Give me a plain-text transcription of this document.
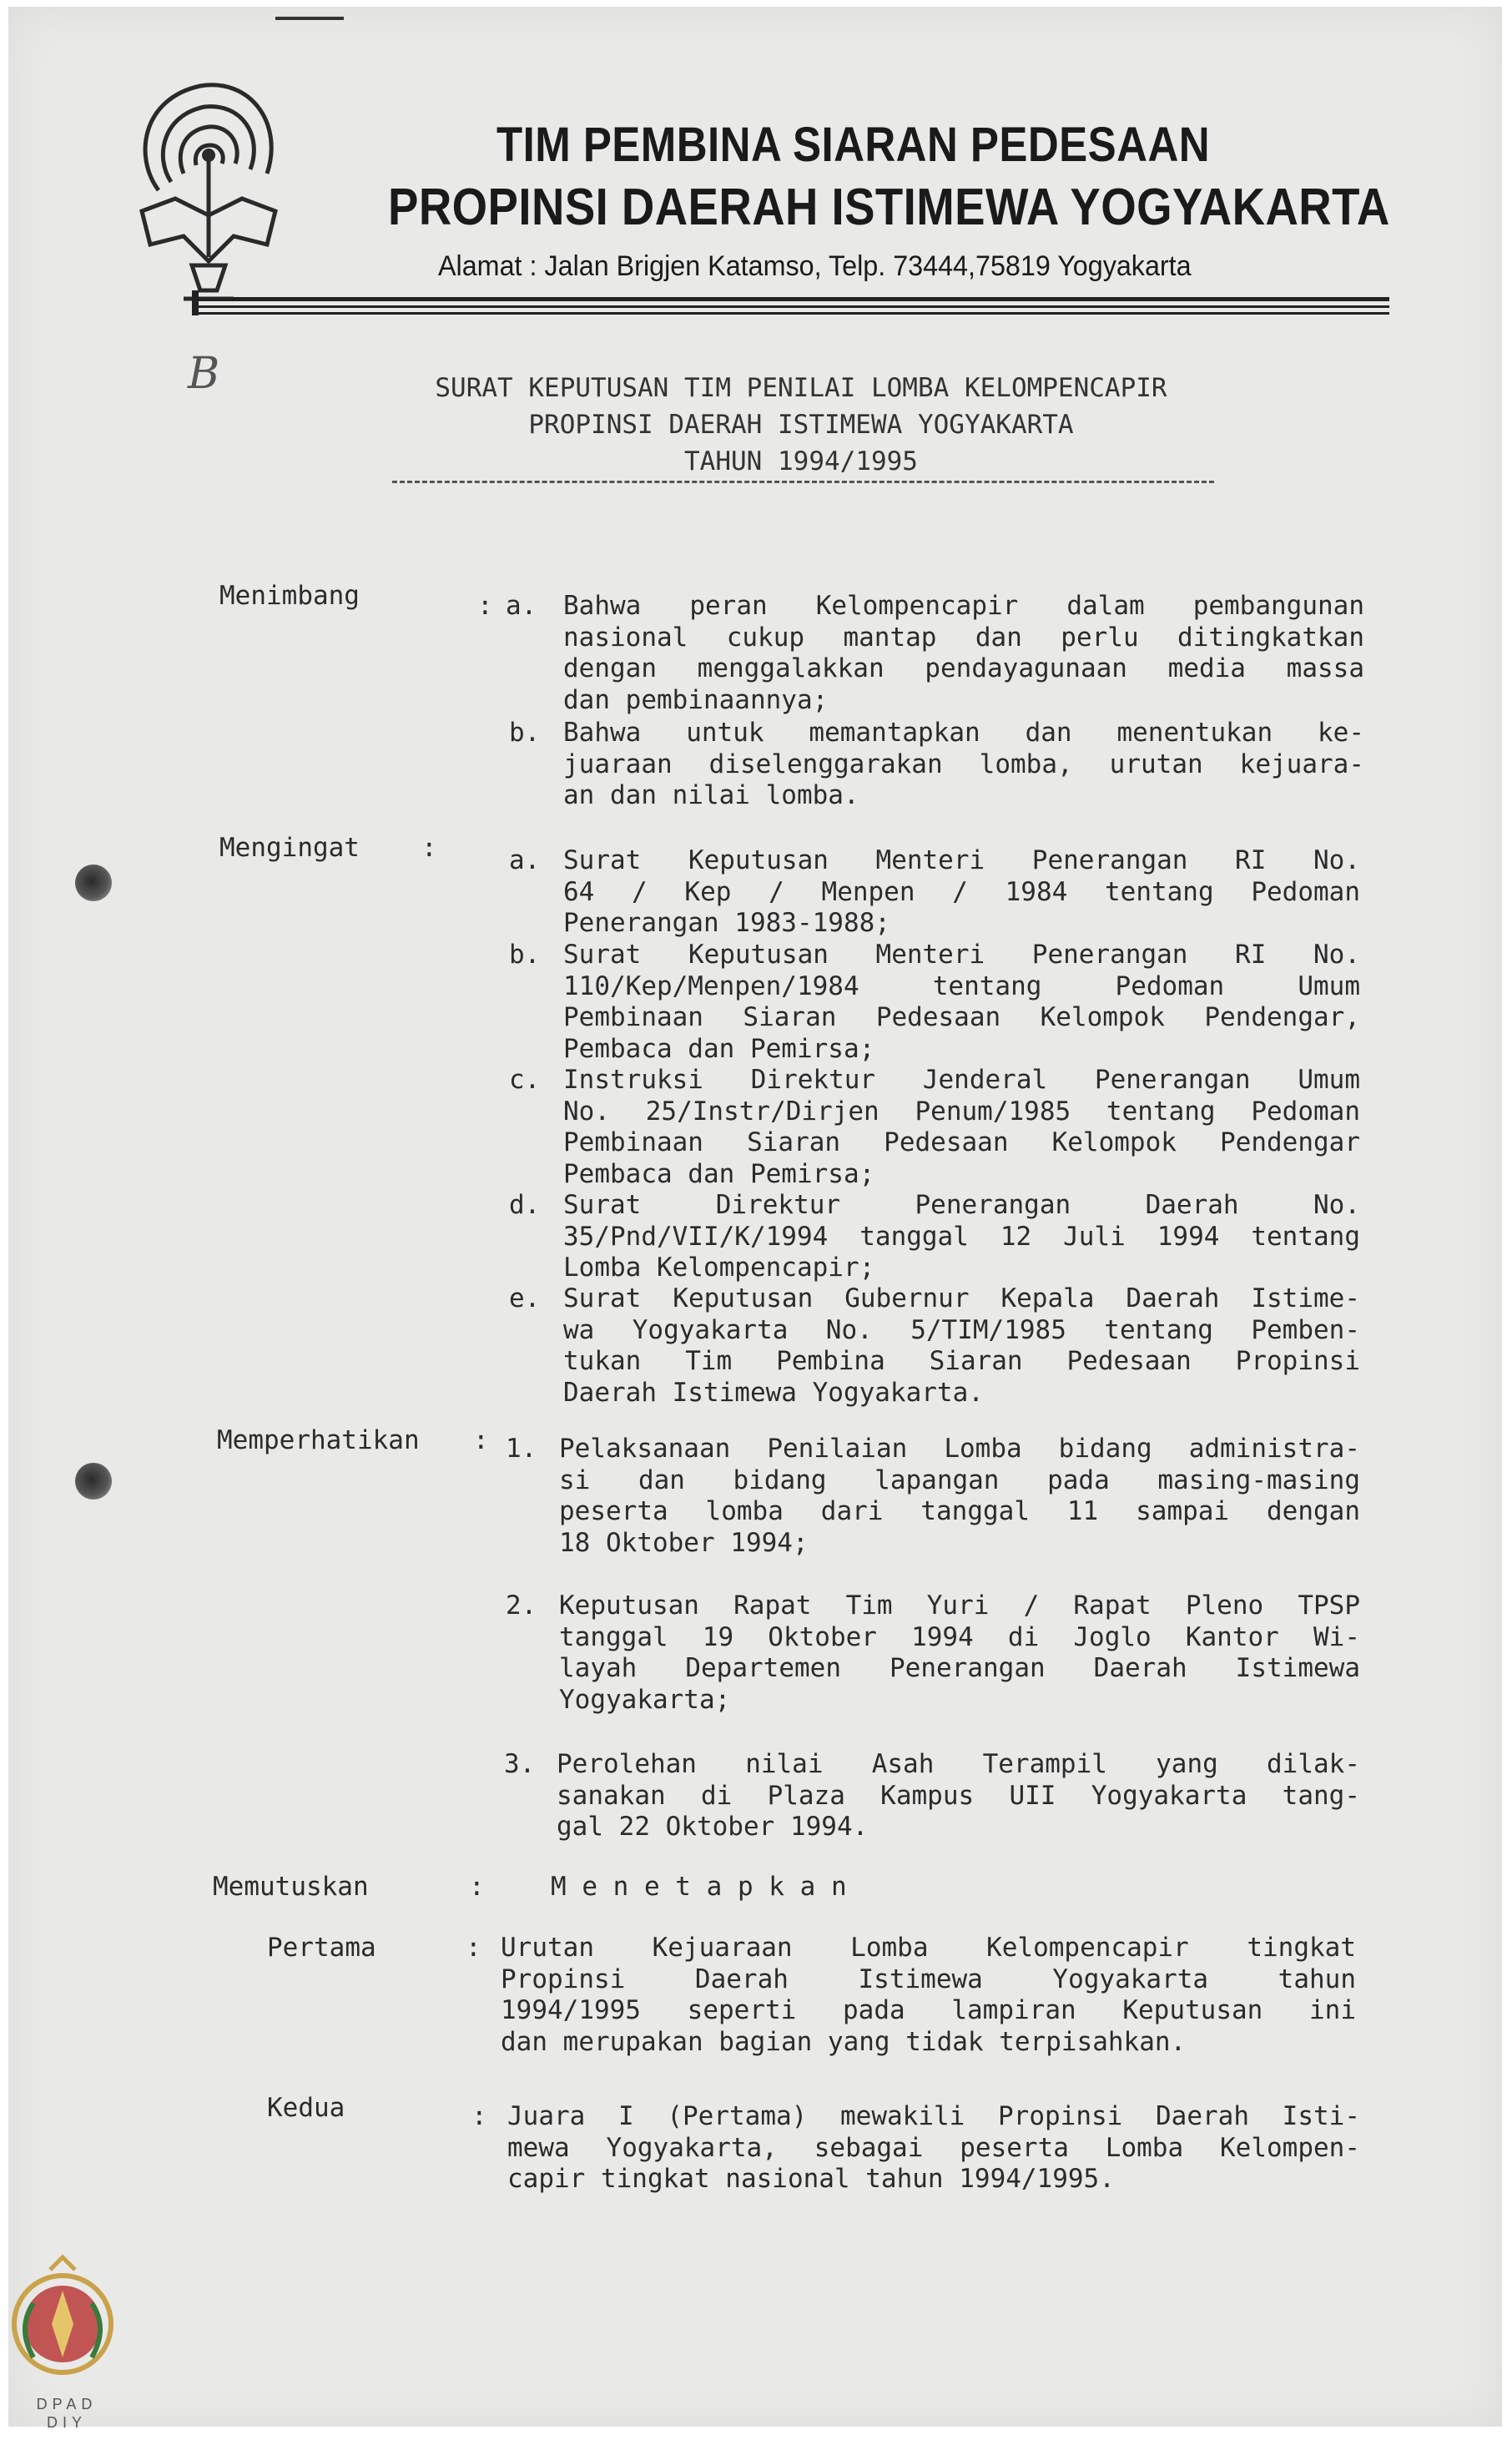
TIM PEMBINA SIARAN PEDESAAN
PROPINSI DAERAH ISTIMEWA YOGYAKARTA
Alamat : Jalan Brigjen Katamso, Telp. 73444,75819 Yogyakarta
B	SURAT KEPUTUSAN TIM PENILAI LOMBA KELOMPENCAPIR
PROPINSI DAERAH ISTIMEWA YOGYAKARTA
TAHUN 1994/1995
Menimbang	: a. Bahwa peran Kelompencapir dalam pembangunan
nasional cukup mantap dan perlu ditingkatkan
dengan menggalakkan pendayagunaan media massa
dan pembinaannya;
b. Bahwa untuk memantapkan dan menentukan ke-
juaraan diselenggarakan lomba, urutan kejuara-
an dan nilai lomba.
Mengingat :	a. Surat Keputusan Menteri Penerangan RI No.
64 / Kep / Menpen / 1984 tentang Pedoman
Penerangan 1983-1988;
b. Surat Keputusan Menteri Penerangan RI No.
110/Kep/Menpen/1984 tentang Pedoman Umum
Pembinaan Siaran Pedesaan Kelompok Pendengar,
Pembaca dan Pemirsa;
c. Instruksi Direktur Jenderal Penerangan Umum
No. 25/Instr/Dirjen Penum/1985 tentang Pedoman
Pembinaan Siaran Pedesaan Kelompok Pendengar
Pembaca dan Pemirsa;
d. Surat Direktur Penerangan Daerah No.
35/Pnd/VII/K/1994 tanggal 12 Juli 1994 tentang
Lomba Kelompencapir;
e. Surat Keputusan Gubernur Kepala Daerah Istime-
wa Yogyakarta No. 5/TIM/1985 tentang Pemben-
tukan Tim Pembina Siaran Pedesaan Propinsi
Daerah Istimewa Yogyakarta.
Memperhatikan : 1. Pelaksanaan Penilaian Lomba bidang administra-
si dan bidang lapangan pada masing-masing
peserta lomba dari tanggal 11 sampai dengan
18 Oktober 1994;
2. Keputusan Rapat Tim Yuri / Rapat Pleno TPSP
tanggal 19 Oktober 1994 di Joglo Kantor Wi-
layah Departemen Penerangan Daerah Istimewa
Yogyakarta;
3. Perolehan nilai Asah Terampil yang dilak-
sanakan di Plaza Kampus UII Yogyakarta tang-
gal 22 Oktober 1994.
Memutuskan	:	M e n e t a p k a n
Pertama	: Urutan Kejuaraan Lomba Kelompencapir tingkat
Propinsi Daerah Istimewa Yogyakarta tahun
1994/1995 seperti pada lampiran Keputusan ini
dan merupakan bagian yang tidak terpisahkan.
Kedua	: Juara I (Pertama) mewakili Propinsi Daerah Isti-
mewa Yogyakarta, sebagai peserta Lomba Kelompen-
capir tingkat nasional tahun 1994/1995.
DPAD
DIY
